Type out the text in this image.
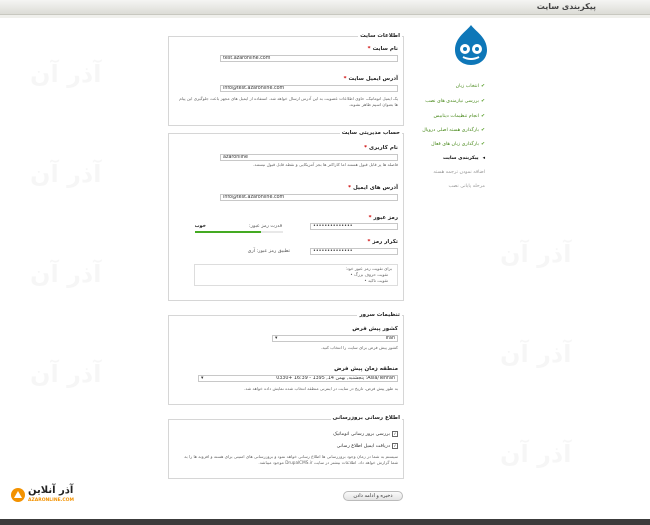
پیکربندی سایت
✔انتخاب زبان
✔بررسی نیازمندی های نصب
✔انجام تنظیمات دیتابیس
✔بارگذاری هسته اصلی دروپال
✔بارگذاری زبان های فعال
◂پیکربندی سایت
اضافه نمودن ترجمه هسته
مرحله پایانی نصب
اطلاعات سایت
نام سایت*
test.azaronline.com
آدرس ایمیل سایت*
info@test.azaronline.com
یک ایمیل اتوماتیک، حاوی اطلاعات عضویت به این آدرس ارسال خواهد شد. استفاده از ایمیل های مجهز باعث جلوگیری این پیام ها بعنوان اسپم ظاهر نشوند.
حساب مدیریتی سایت
نام کاربری*
azaronline
فاصله ها پر قابل قبول هستند اما کاراکتر ها بجز آمریکایی و نقطه قابل قبول نیستند.
آدرس های ایمیل*
info@test.azaronline.com
رمز عبور*
••••••••••••••
قدرت رمز عبور:
خوب
تکرار رمز*
••••••••••••••
تطبیق رمز عبور: آری
برای تقویت رمز عبور خود:
تقویت حروف بزرگ •
تقویت تاکید •
تنظیمات سرور
کشور پیش فرض
▾	Iran
کشور پیش فرض برای سایت را انتخاب کنید.
منطقه زمان پیش فرض
▾	Asia/Tehran: پنجشنبه, بهمن 14, 1395 - 16:39 +0330
به طور پیش فرض، تاریخ در سایت در اینترنی منطقه انتخاب شده نمایش داده خواهد شد.
اطلاع رسانی بروزرسانی
✓بررسی برور رسانی اتوماتیک
✓دریافت ایمیل اطلاع رسانی
سیستم به شما در زمان وجود بروزرسانی ها اطلاع رسانی خواهد نمود و بروزرسانی های امنیتی برای هسته و افزونه ها را به شما گزارش خواهد داد. اطلاعات بیشتر در سایت DrupalCMS.ir موجود میباشد.
ذخیره و ادامه دادن
آذر آنلاین
AZARONLINE.COM
